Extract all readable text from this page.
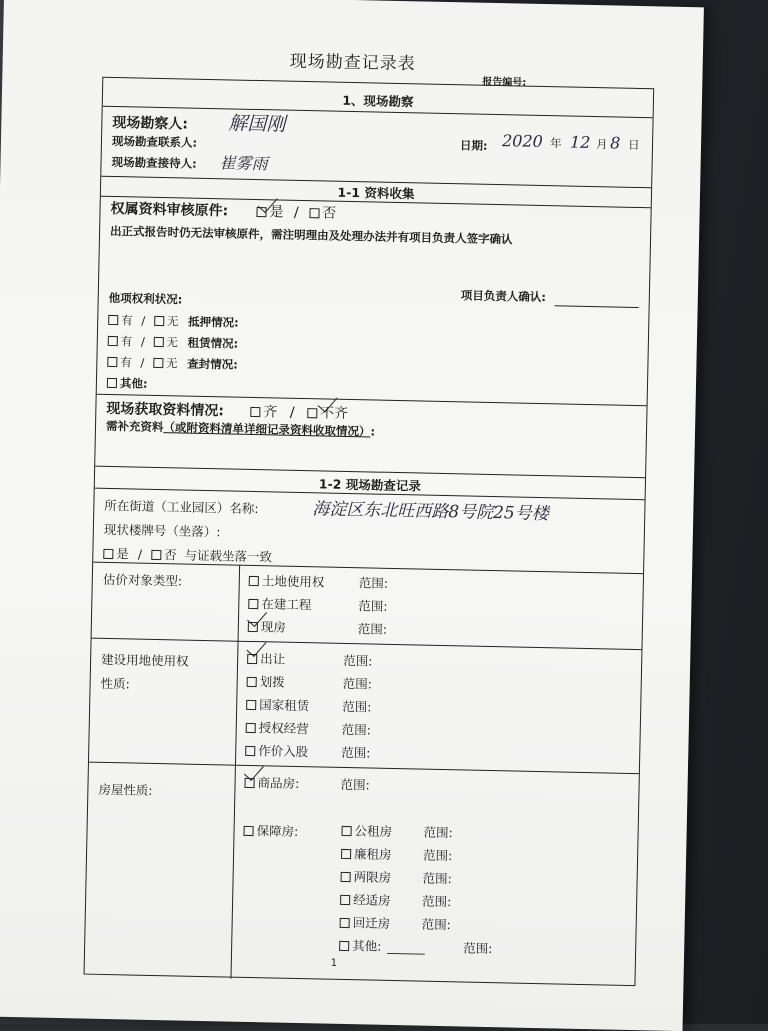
现场勘查记录表
报告编号:
1、现场勘察
现场勘察人: 解国刚
现场勘查联系人:
现场勘查接待人: 崔雾雨
日期: 2020 年 12 月 8 日
1-1 资料收集
权属资料审核原件:	是 / 否
出正式报告时仍无法审核原件，需注明理由及处理办法并有项目负责人签字确认
项目负责人确认:
他项权利状况:
有 / 无 抵押情况:
有 / 无 租赁情况:
有 / 无 查封情况:
其他:
现场获取资料情况:	齐 / 不齐
需补充资料（或附资料清单详细记录资料收取情况）:
1-2 现场勘查记录
所在街道（工业园区）名称:	海淀区东北旺西路8号院25号楼
现状楼牌号（坐落）:
是 / 否 与证载坐落一致
估价对象类型:	土地使用权	范围:
在建工程	范围:
现房	范围:
建设用地使用权
性质:
出让	范围:
划拨	范围:
国家租赁	范围:
授权经营	范围:
作价入股	范围:
房屋性质:	商品房:	范围:
保障房:	公租房 范围:
廉租房 范围:
两限房 范围:
经适房 范围:
回迁房 范围:
其他: ______	范围:
1
